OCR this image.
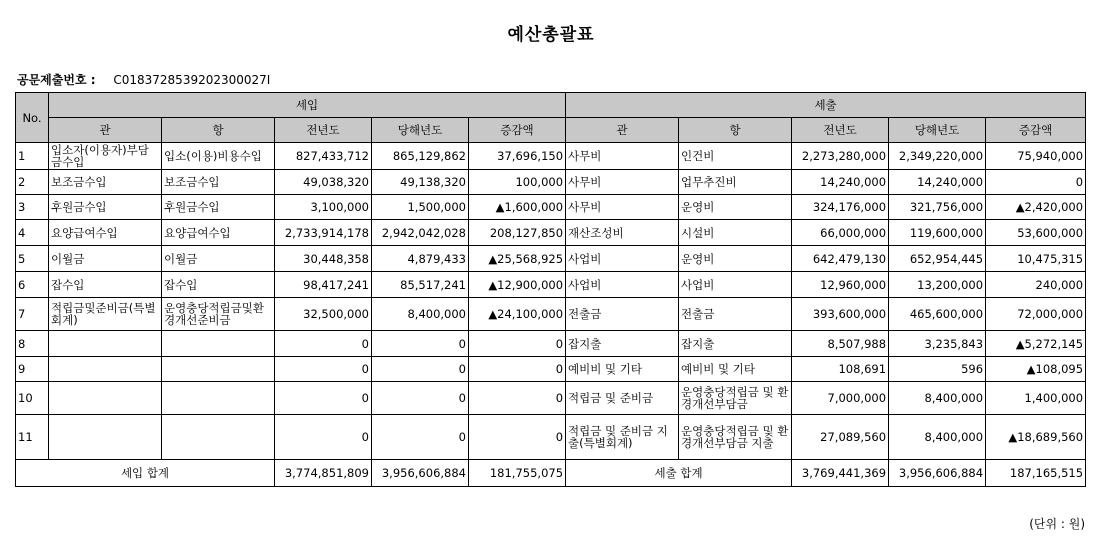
예산총괄표
공문제출번호 : C0183728539202300027I
No.	세입					세출				
	관	항	전년도	당해년도	증감액	관	항	전년도	당해년도	증감액
1	입소자(이용자)부담금수입	입소(이용)비용수입	827,433,712	865,129,862	37,696,150	사무비	인건비	2,273,280,000	2,349,220,000	75,940,000
2	보조금수입	보조금수입	49,038,320	49,138,320	100,000	사무비	업무추진비	14,240,000	14,240,000	0
3	후원금수입	후원금수입	3,100,000	1,500,000	▲1,600,000	사무비	운영비	324,176,000	321,756,000	▲2,420,000
4	요양급여수입	요양급여수입	2,733,914,178	2,942,042,028	208,127,850	재산조성비	시설비	66,000,000	119,600,000	53,600,000
5	이월금	이월금	30,448,358	4,879,433	▲25,568,925	사업비	운영비	642,479,130	652,954,445	10,475,315
6	잡수입	잡수입	98,417,241	85,517,241	▲12,900,000	사업비	사업비	12,960,000	13,200,000	240,000
7	적립금및준비금(특별회계)	운영충당적립금및환경개선준비금	32,500,000	8,400,000	▲24,100,000	전출금	전출금	393,600,000	465,600,000	72,000,000
8			0	0	0	잡지출	잡지출	8,507,988	3,235,843	▲5,272,145
9			0	0	0	예비비 및 기타	예비비 및 기타	108,691	596	▲108,095
10			0	0	0	적립금 및 준비금	운영충당적립금 및 환경개선부담금	7,000,000	8,400,000	1,400,000
11			0	0	0	적립금 및 준비금 지출(특별회계)	운영충당적립금 및 환경개선부담금 지출	27,089,560	8,400,000	▲18,689,560
세입 합계			3,774,851,809	3,956,606,884	181,755,075	세출 합계		3,769,441,369	3,956,606,884	187,165,515
(단위 : 원)
